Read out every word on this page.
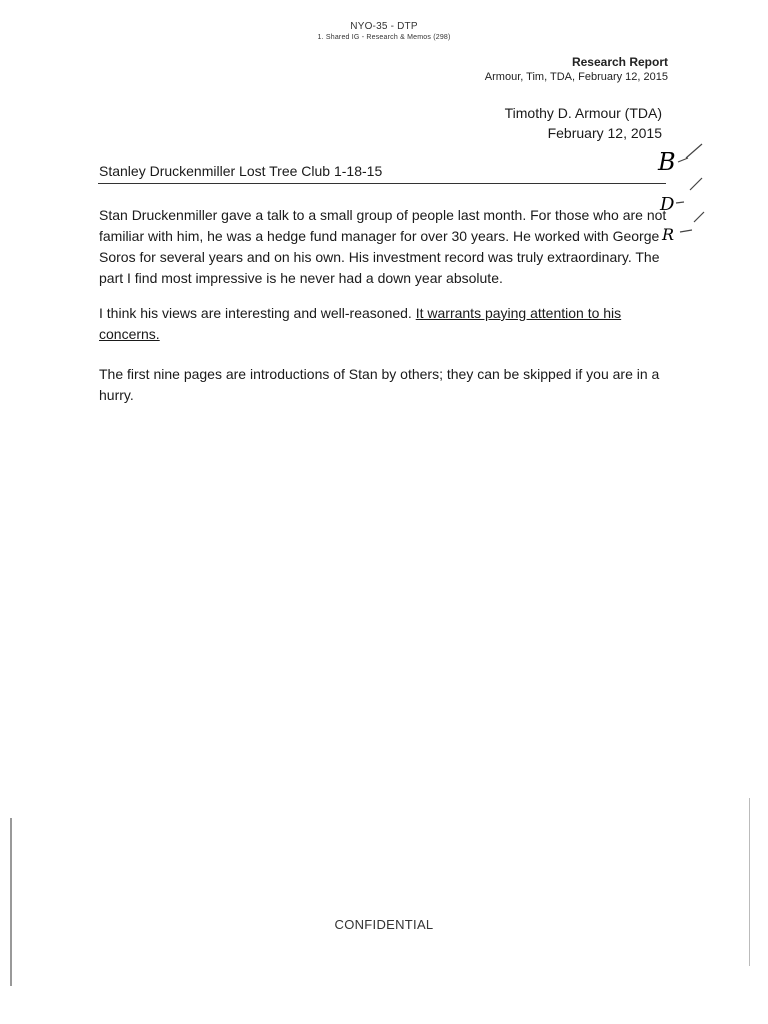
NYO-35 - DTP
1. Shared IG - Research & Memos (298)
Research Report
Armour, Tim, TDA, February 12, 2015
Timothy D. Armour (TDA)
February 12, 2015
Stanley Druckenmiller Lost Tree Club 1-18-15	B
D
R
Stan Druckenmiller gave a talk to a small group of people last month. For those who are not familiar with him, he was a hedge fund manager for over 30 years. He worked with George Soros for several years and on his own. His investment record was truly extraordinary. The part I find most impressive is he never had a down year absolute.
I think his views are interesting and well-reasoned. It warrants paying attention to his concerns.
The first nine pages are introductions of Stan by others; they can be skipped if you are in a hurry.
CONFIDENTIAL
